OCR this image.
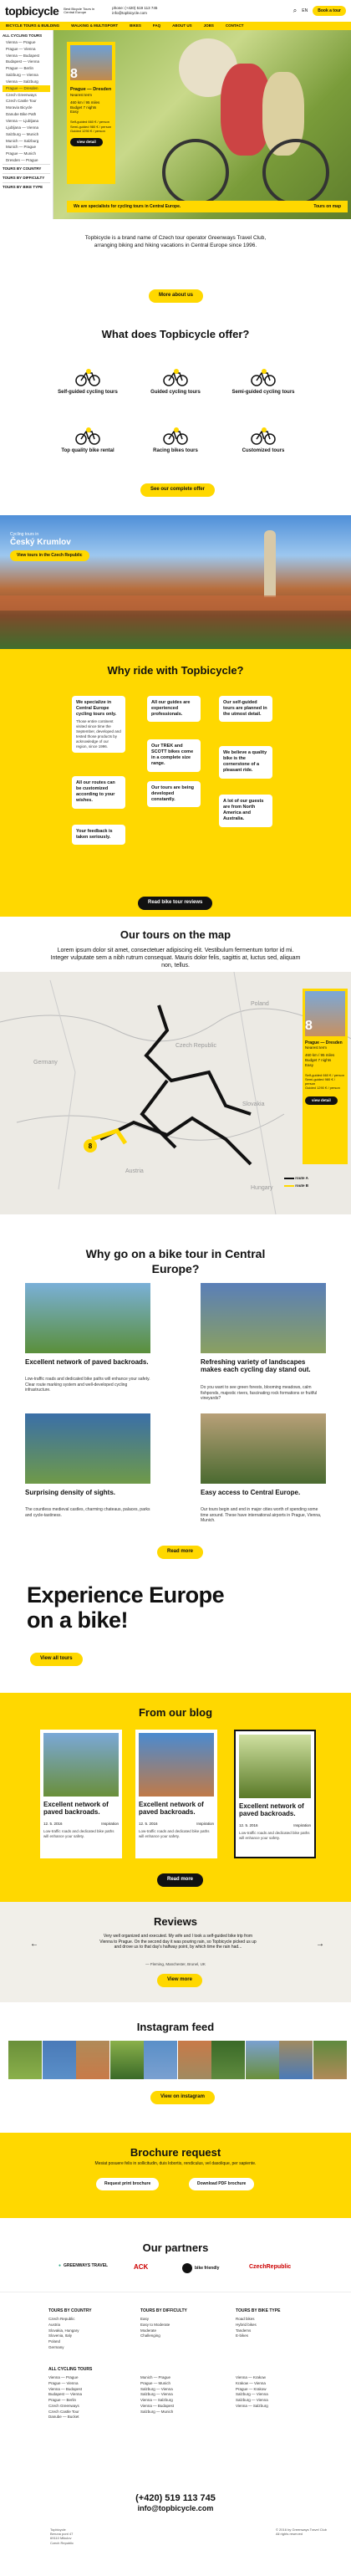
topbicycle Best Bicycle Tours in Central Europe
phone: (+420) 519 113 745
info@topbicycle.com	⌕ EN	Book a tour
BICYCLE TOURS & BUILDING	WALKING & MULTISPORT	BIKES	FAQ	ABOUT US	JOBS	CONTACT
ALL CYCLING TOURS
Vienna — Prague
Prague — Vienna
Vienna — Budapest
Budapest — Vienna
Prague — Berlin
Salzburg — Vienna
Vienna — Salzburg
Prague — Dresden
Czech Greenways
Czech Castle Tour
Moravia Bicycle
Danube Bike Path
Vienna — Ljubljana
Ljubljana — Vienna
Salzburg — Munich
Munich — Salzburg
Munich — Prague
Prague — Munich
Dresden — Prague
TOURS BY COUNTRY
TOURS BY DIFFICULTY
TOURS BY BIKE TYPE
8
Prague — Dresden
Nearest term
460 km / 95 miles
Budget 7 nights
Easy
Self-guided 660 € / person
Semi-guided 980 € / person
Guided 1290 € / person
view detail
We are specialists for cycling tours in Central Europe.	Tours on map
Topbicycle is a brand name of Czech tour operator Greenways Travel Club, arranging biking and hiking vacations in Central Europe since 1996.
More about us
What does Topbicycle offer?
Self-guided cycling tours	Guided cycling tours	Semi-guided cycling tours
Top quality bike rental	Racing bikes tours	Customized tours
See our complete offer
Cycling tours in
Český Krumlov
View tours in the Czech Republic
Why ride with Topbicycle?
We specialize in Central Europe cycling tours only.
Those entire continent visited since time the September, developed and tested those products by acknowledge of our region, since 1996.
All our guides are experienced professionals.
Our self-guided tours are planned in the utmost detail.
Our TREK and SCOTT bikes come in a complete size range.
We believe a quality bike is the cornerstone of a pleasant ride.
All our routes can be customized according to your wishes.
Our tours are being developed constantly.	A lot of our guests are from North America and Australia.
Your feedback is taken seriously.
Read bike tour reviews
Our tours on the map
Lorem ipsum dolor sit amet, consectetuer adipiscing elit. Vestibulum fermentum tortor id mi. Integer vulputate sem a nibh rutrum consequat. Mauris dolor felis, sagittis at, luctus sed, aliquam non, tellus.
8
Germany
Czech Republic
Austria
Poland
Slovakia
Hungary
8
Prague — Dresden
Nearest term
460 km / 95 miles
Budget 7 nights
Easy
Self-guided 660 € / person
Semi-guided 980 € / person
Guided 1290 € / person
view detail
route A
route B
Why go on a bike tour in Central Europe?
Excellent network of paved backroads.
Low-traffic roads and dedicated bike paths will enhance your safety. Clear route marking system and well-developed cycling infrastructure.
Refreshing variety of landscapes makes each cycling day stand out.
Do you want to see green forests, blooming meadows, calm fishponds, majestic rivers, fascinating rock formations or fruitful vineyards?
Surprising density of sights.
The countless medieval castles, charming chateaus, palaces, parks and cycle-tastiness.
Easy access to Central Europe.
Our tours begin and end in major cities worth of spending some time around. These have international airports in Prague, Vienna, Munich.
Read more
Experience Europe
on a bike!
View all tours
From our blog
Excellent network of paved backroads.
12. 5. 2016	Inspiration
Low-traffic roads and dedicated bike paths will enhance your safety.
Excellent network of paved backroads.
12. 5. 2016	Inspiration
Low-traffic roads and dedicated bike paths will enhance your safety.
Excellent network of paved backroads.
12. 5. 2016	Inspiration
Low-traffic roads and dedicated bike paths will enhance your safety.
Read more
Reviews
Very well organized and executed. My wife and I took a self-guided bike trip from Vienna to Prague. On the second day it was pouring rain, so Topbicycle picked us up and drove us to that day's halfway point, by which time the rain had...
— Fleming, Manchester, Brunel, UK
←	→
View more
Instagram feed
View on instagram
Brochure request
Mesiat posuere felis in sollicitudin, duis lobortis, rendiculus, vel dasolique, per sapiente.
Request print brochure	Download PDF brochure
Our partners
● GREENWAYS TRAVEL	ACK	bike friendly	CzechRepublic
TOURS BY COUNTRY
Czech Republic
Austria
Slovakia, Hungary
Slovenia, Italy
Poland
Germany
TOURS BY DIFFICULTY
Easy
Easy to Moderate
Moderate
Challenging
TOURS BY BIKE TYPE
Road bikes
Hybrid bikes
Tandems
E-bikes
ALL CYCLING TOURS
Vienna — Prague
Prague — Vienna
Vienna — Budapest
Budapest — Vienna
Prague — Berlin
Czech Greenways
Czech Castle Tour
Danube — Bucket
Munich — Prague
Prague — Munich
Salzburg — Vienna
Salzburg — Vienna
Vienna — Salzburg
Vienna — Budapest
Salzburg — Munich
Vienna — Krakow
Krakow — Vienna
Prague — Krakow
Salzburg — Vienna
Salzburg — Vienna
Vienna — Salzburg
(+420) 519 113 745
info@topbicycle.com
Topbicycle
Beruna pont 47
69110 Mikulov
Czech Republic
© 2016 by Greenways Travel Club
All rights reserved
